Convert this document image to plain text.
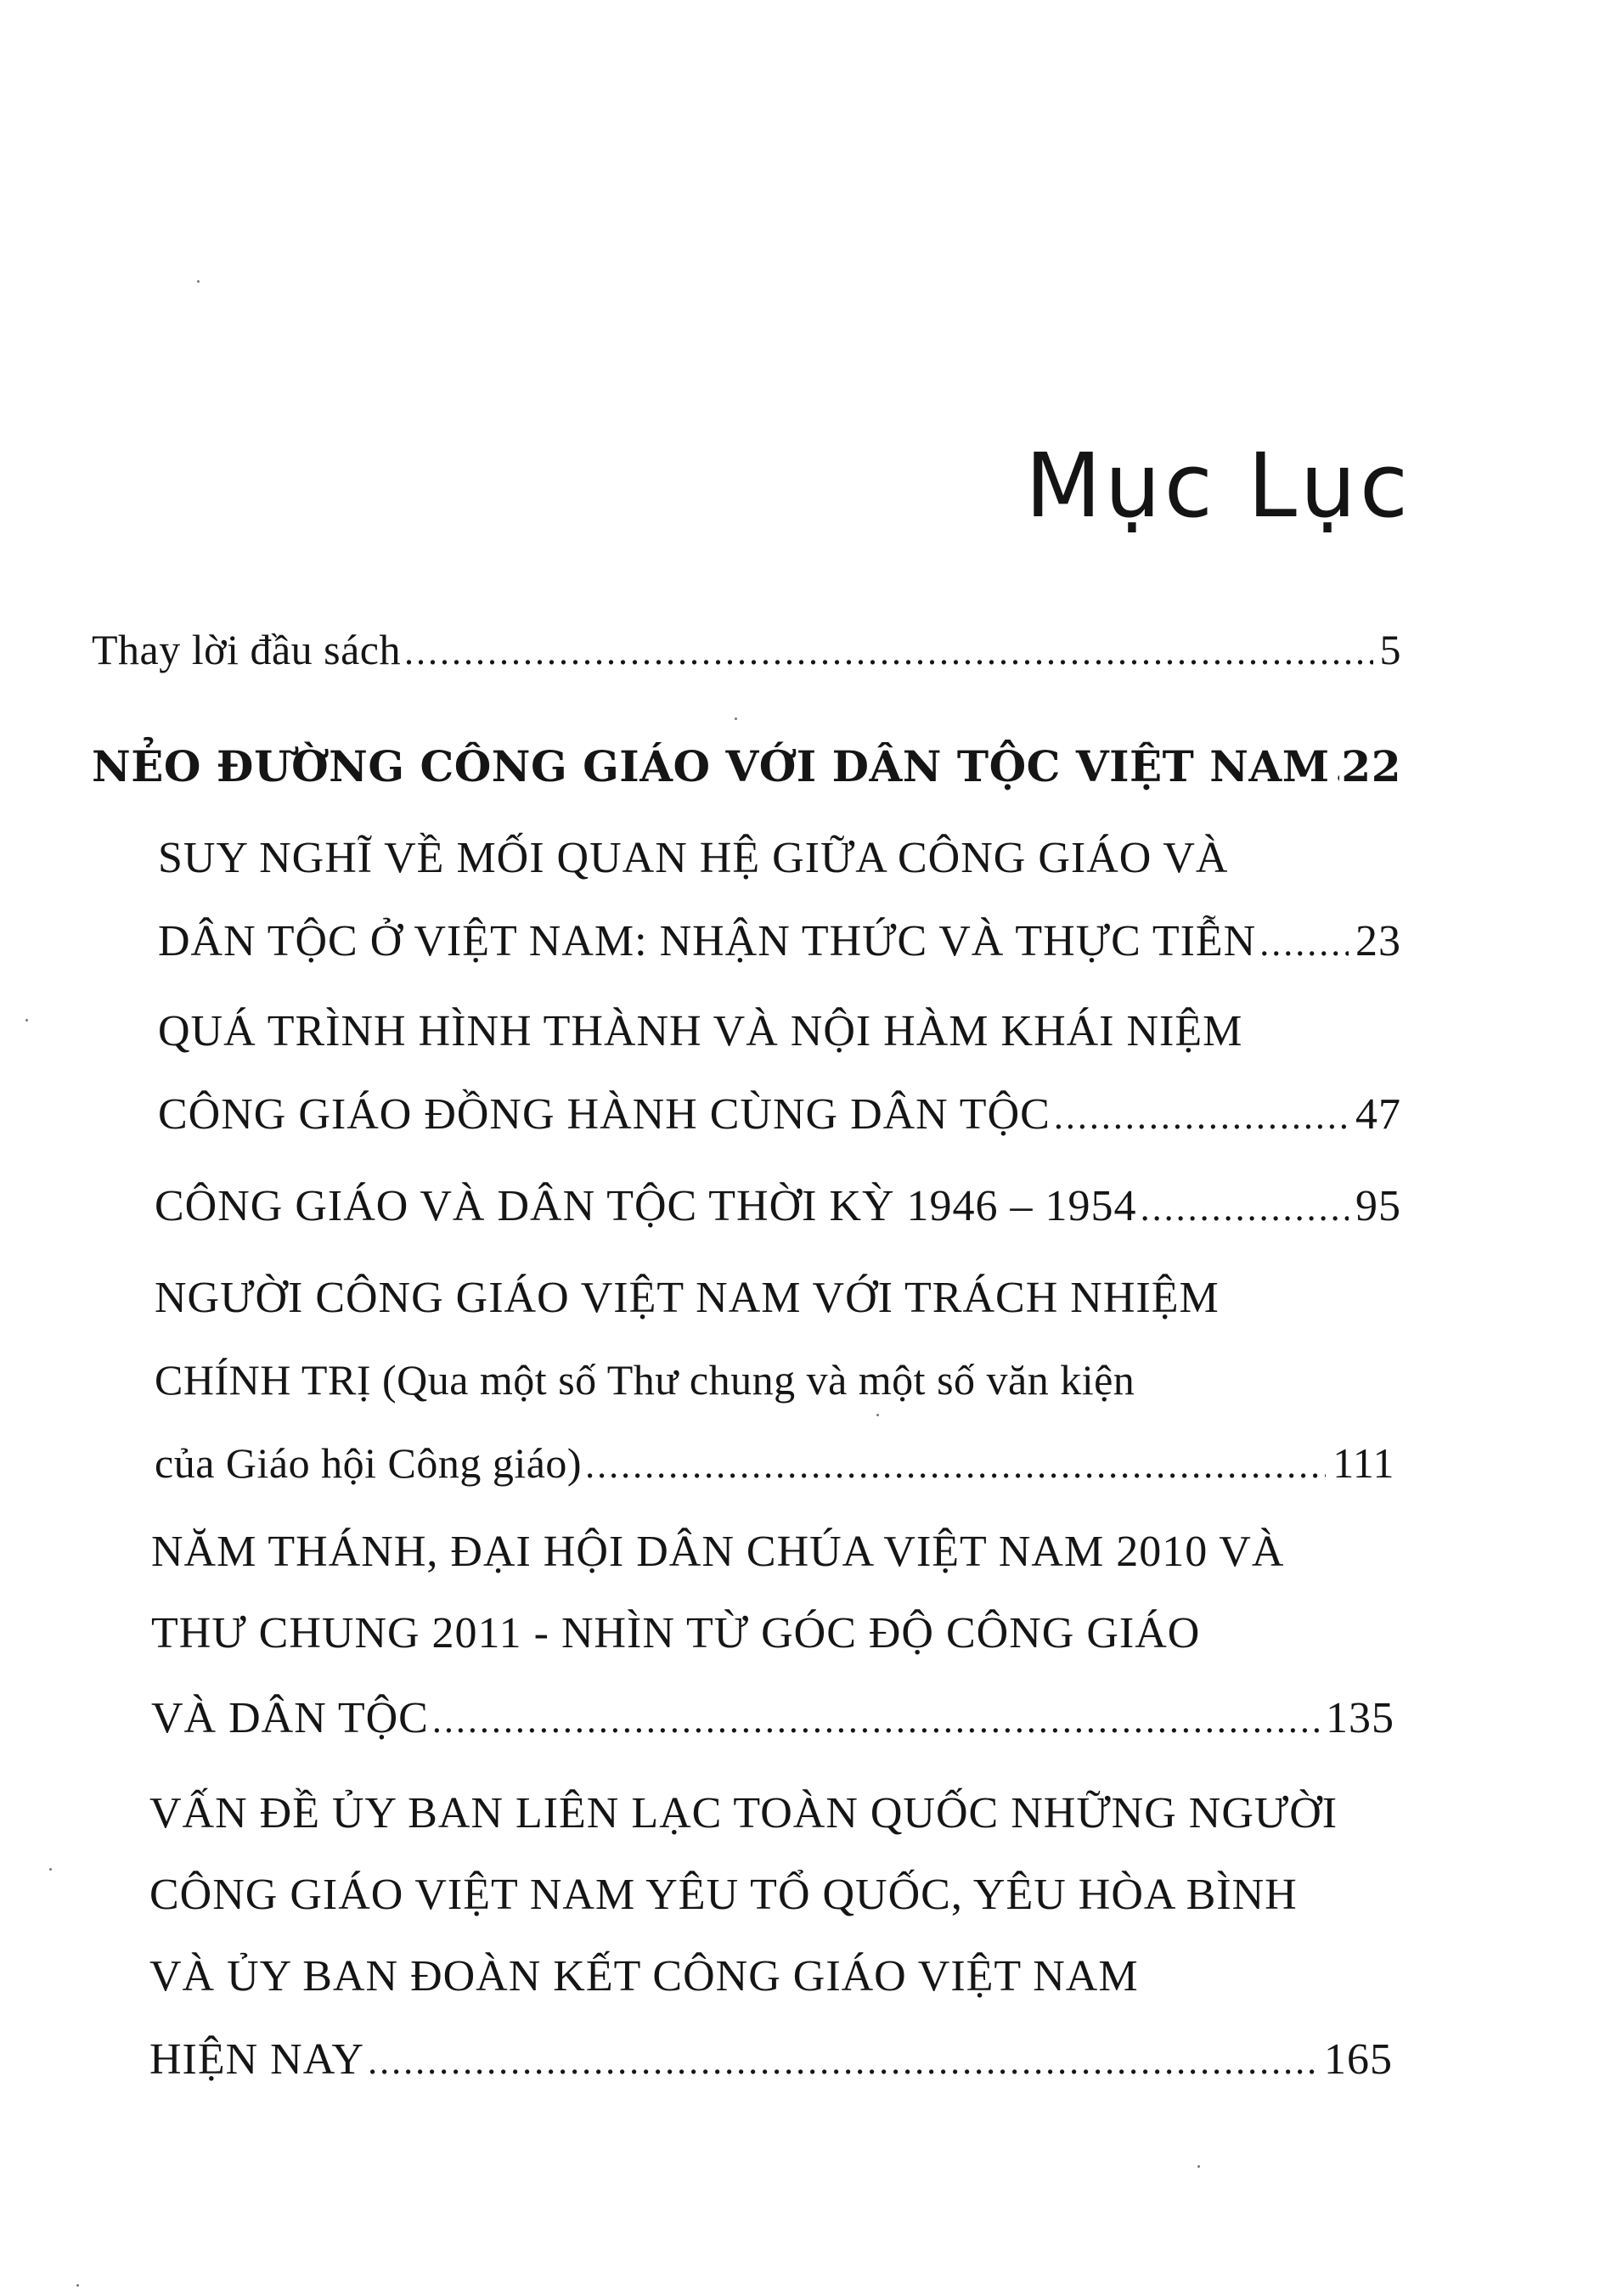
Mục Lục
Thay lời đầu sách .....	5
NẺO ĐƯỜNG CÔNG GIÁO VỚI DÂN TỘC VIỆT NAM ..... 22
SUY NGHĨ VỀ MỐI QUAN HỆ GIỮA CÔNG GIÁO VÀ
DÂN TỘC Ở VIỆT NAM: NHẬN THỨC VÀ THỰC TIỄN ..... 23
QUÁ TRÌNH HÌNH THÀNH VÀ NỘI HÀM KHÁI NIỆM
CÔNG GIÁO ĐỒNG HÀNH CÙNG DÂN TỘC .....	47
CÔNG GIÁO VÀ DÂN TỘC THỜI KỲ 1946 – 1954 .....	95
NGƯỜI CÔNG GIÁO VIỆT NAM VỚI TRÁCH NHIỆM
CHÍNH TRỊ (Qua một số Thư chung và một số văn kiện
của Giáo hội Công giáo) .....	111
NĂM THÁNH, ĐẠI HỘI DÂN CHÚA VIỆT NAM 2010 VÀ
THƯ CHUNG 2011 - NHÌN TỪ GÓC ĐỘ CÔNG GIÁO
VÀ DÂN TỘC .....	135
VẤN ĐỀ ỦY BAN LIÊN LẠC TOÀN QUỐC NHỮNG NGƯỜI
CÔNG GIÁO VIỆT NAM YÊU TỔ QUỐC, YÊU HÒA BÌNH
VÀ ỦY BAN ĐOÀN KẾT CÔNG GIÁO VIỆT NAM
HIỆN NAY .....	165
